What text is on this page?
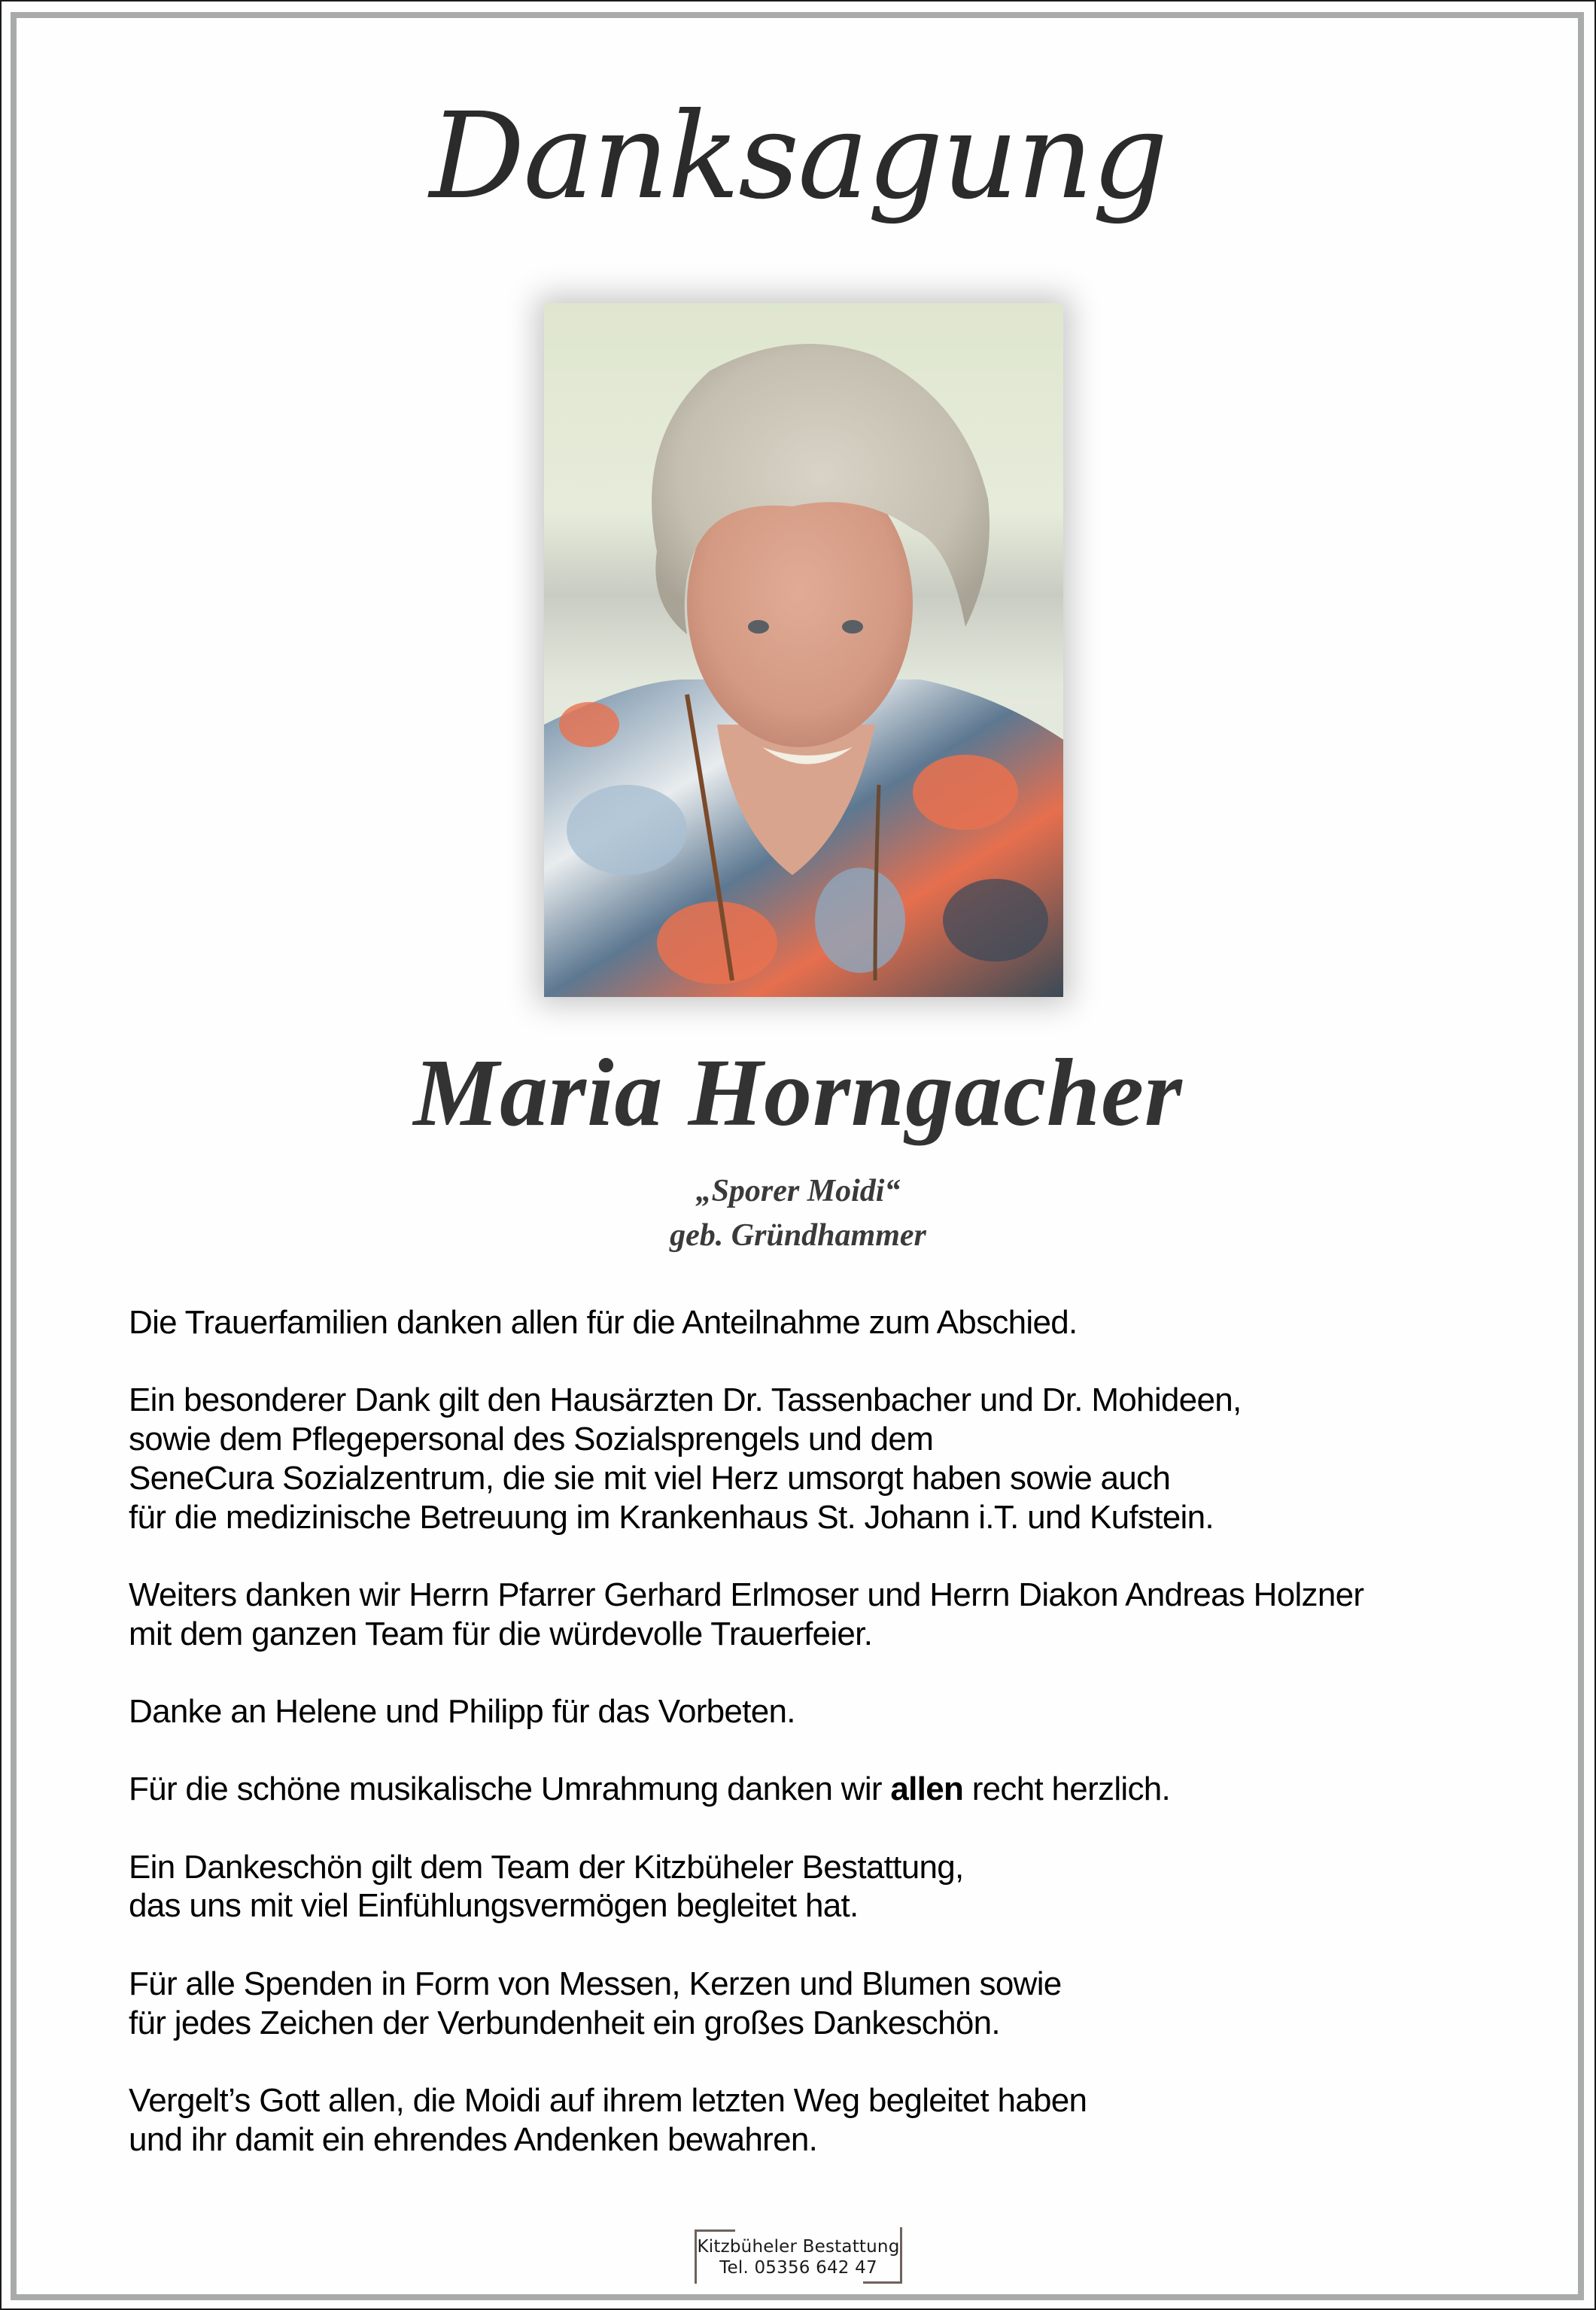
Danksagung
Maria Horngacher
„Sporer Moidi“
geb. Gründhammer

Die Trauerfamilien danken allen für die Anteilnahme zum Abschied.

Ein besonderer Dank gilt den Hausärzten Dr. Tassenbacher und Dr. Mohideen,
sowie dem Pflegepersonal des Sozialsprengels und dem
SeneCura Sozialzentrum, die sie mit viel Herz umsorgt haben sowie auch
für die medizinische Betreuung im Krankenhaus St. Johann i.T. und Kufstein.

Weiters danken wir Herrn Pfarrer Gerhard Erlmoser und Herrn Diakon Andreas Holzner
mit dem ganzen Team für die würdevolle Trauerfeier.

Danke an Helene und Philipp für das Vorbeten.

Für die schöne musikalische Umrahmung danken wir allen recht herzlich.

Ein Dankeschön gilt dem Team der Kitzbüheler Bestattung,
das uns mit viel Einfühlungsvermögen begleitet hat.

Für alle Spenden in Form von Messen, Kerzen und Blumen sowie
für jedes Zeichen der Verbundenheit ein großes Dankeschön.

Vergelt’s Gott allen, die Moidi auf ihrem letzten Weg begleitet haben
und ihr damit ein ehrendes Andenken bewahren.

Kitzbüheler Bestattung
Tel. 05356 642 47
